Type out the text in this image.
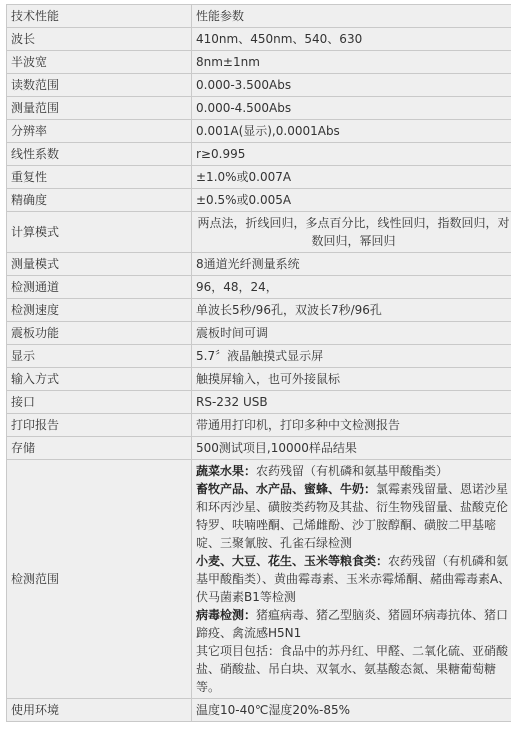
技术性能	性能参数
波长	410nm、450nm、540、630
半波宽	8nm±1nm
读数范围	0.000-3.500Abs
测量范围	0.000-4.500Abs
分辨率	0.001A(显示),0.0001Abs
线性系数	r≥0.995
重复性	±1.0%或0.007A
精确度	±0.5%或0.005A
计算模式	两点法，折线回归，多点百分比，线性回归，指数回归，对数回归，幂回归
测量模式	8通道光纤测量系统
检测通道	96，48，24，
检测速度	单波长5秒/96孔，双波长7秒/96孔
震板功能	震板时间可调
显示	5.7〞液晶触摸式显示屏
输入方式	触摸屏输入，也可外接鼠标
接口	RS-232 USB
打印报告	带通用打印机，打印多种中文检测报告
存储	500测试项目,10000样品结果
检测范围	蔬菜水果：农药残留（有机磷和氨基甲酸酯类）
畜牧产品、水产品、蜜蜂、牛奶：氯霉素残留量、恩诺沙星和环丙沙星、磺胺类药物及其盐、衍生物残留量、盐酸克伦特罗、呋喃唑酮、己烯雌酚、沙丁胺醇酮、磺胺二甲基嘧啶、三聚氰胺、孔雀石绿检测
小麦、大豆、花生、玉米等粮食类：农药残留（有机磷和氨基甲酸酯类）、黄曲霉毒素、玉米赤霉烯酮、赭曲霉毒素A、伏马菌素B1等检测
病毒检测：猪瘟病毒、猪乙型脑炎、猪圆环病毒抗体、猪口蹄疫、禽流感H5N1
其它项目包括：食品中的苏丹红、甲醛、二氧化硫、亚硝酸盐、硝酸盐、吊白块、双氧水、氨基酸态氮、果糖葡萄糖等。

使用环境	温度10-40℃湿度20%-85%
